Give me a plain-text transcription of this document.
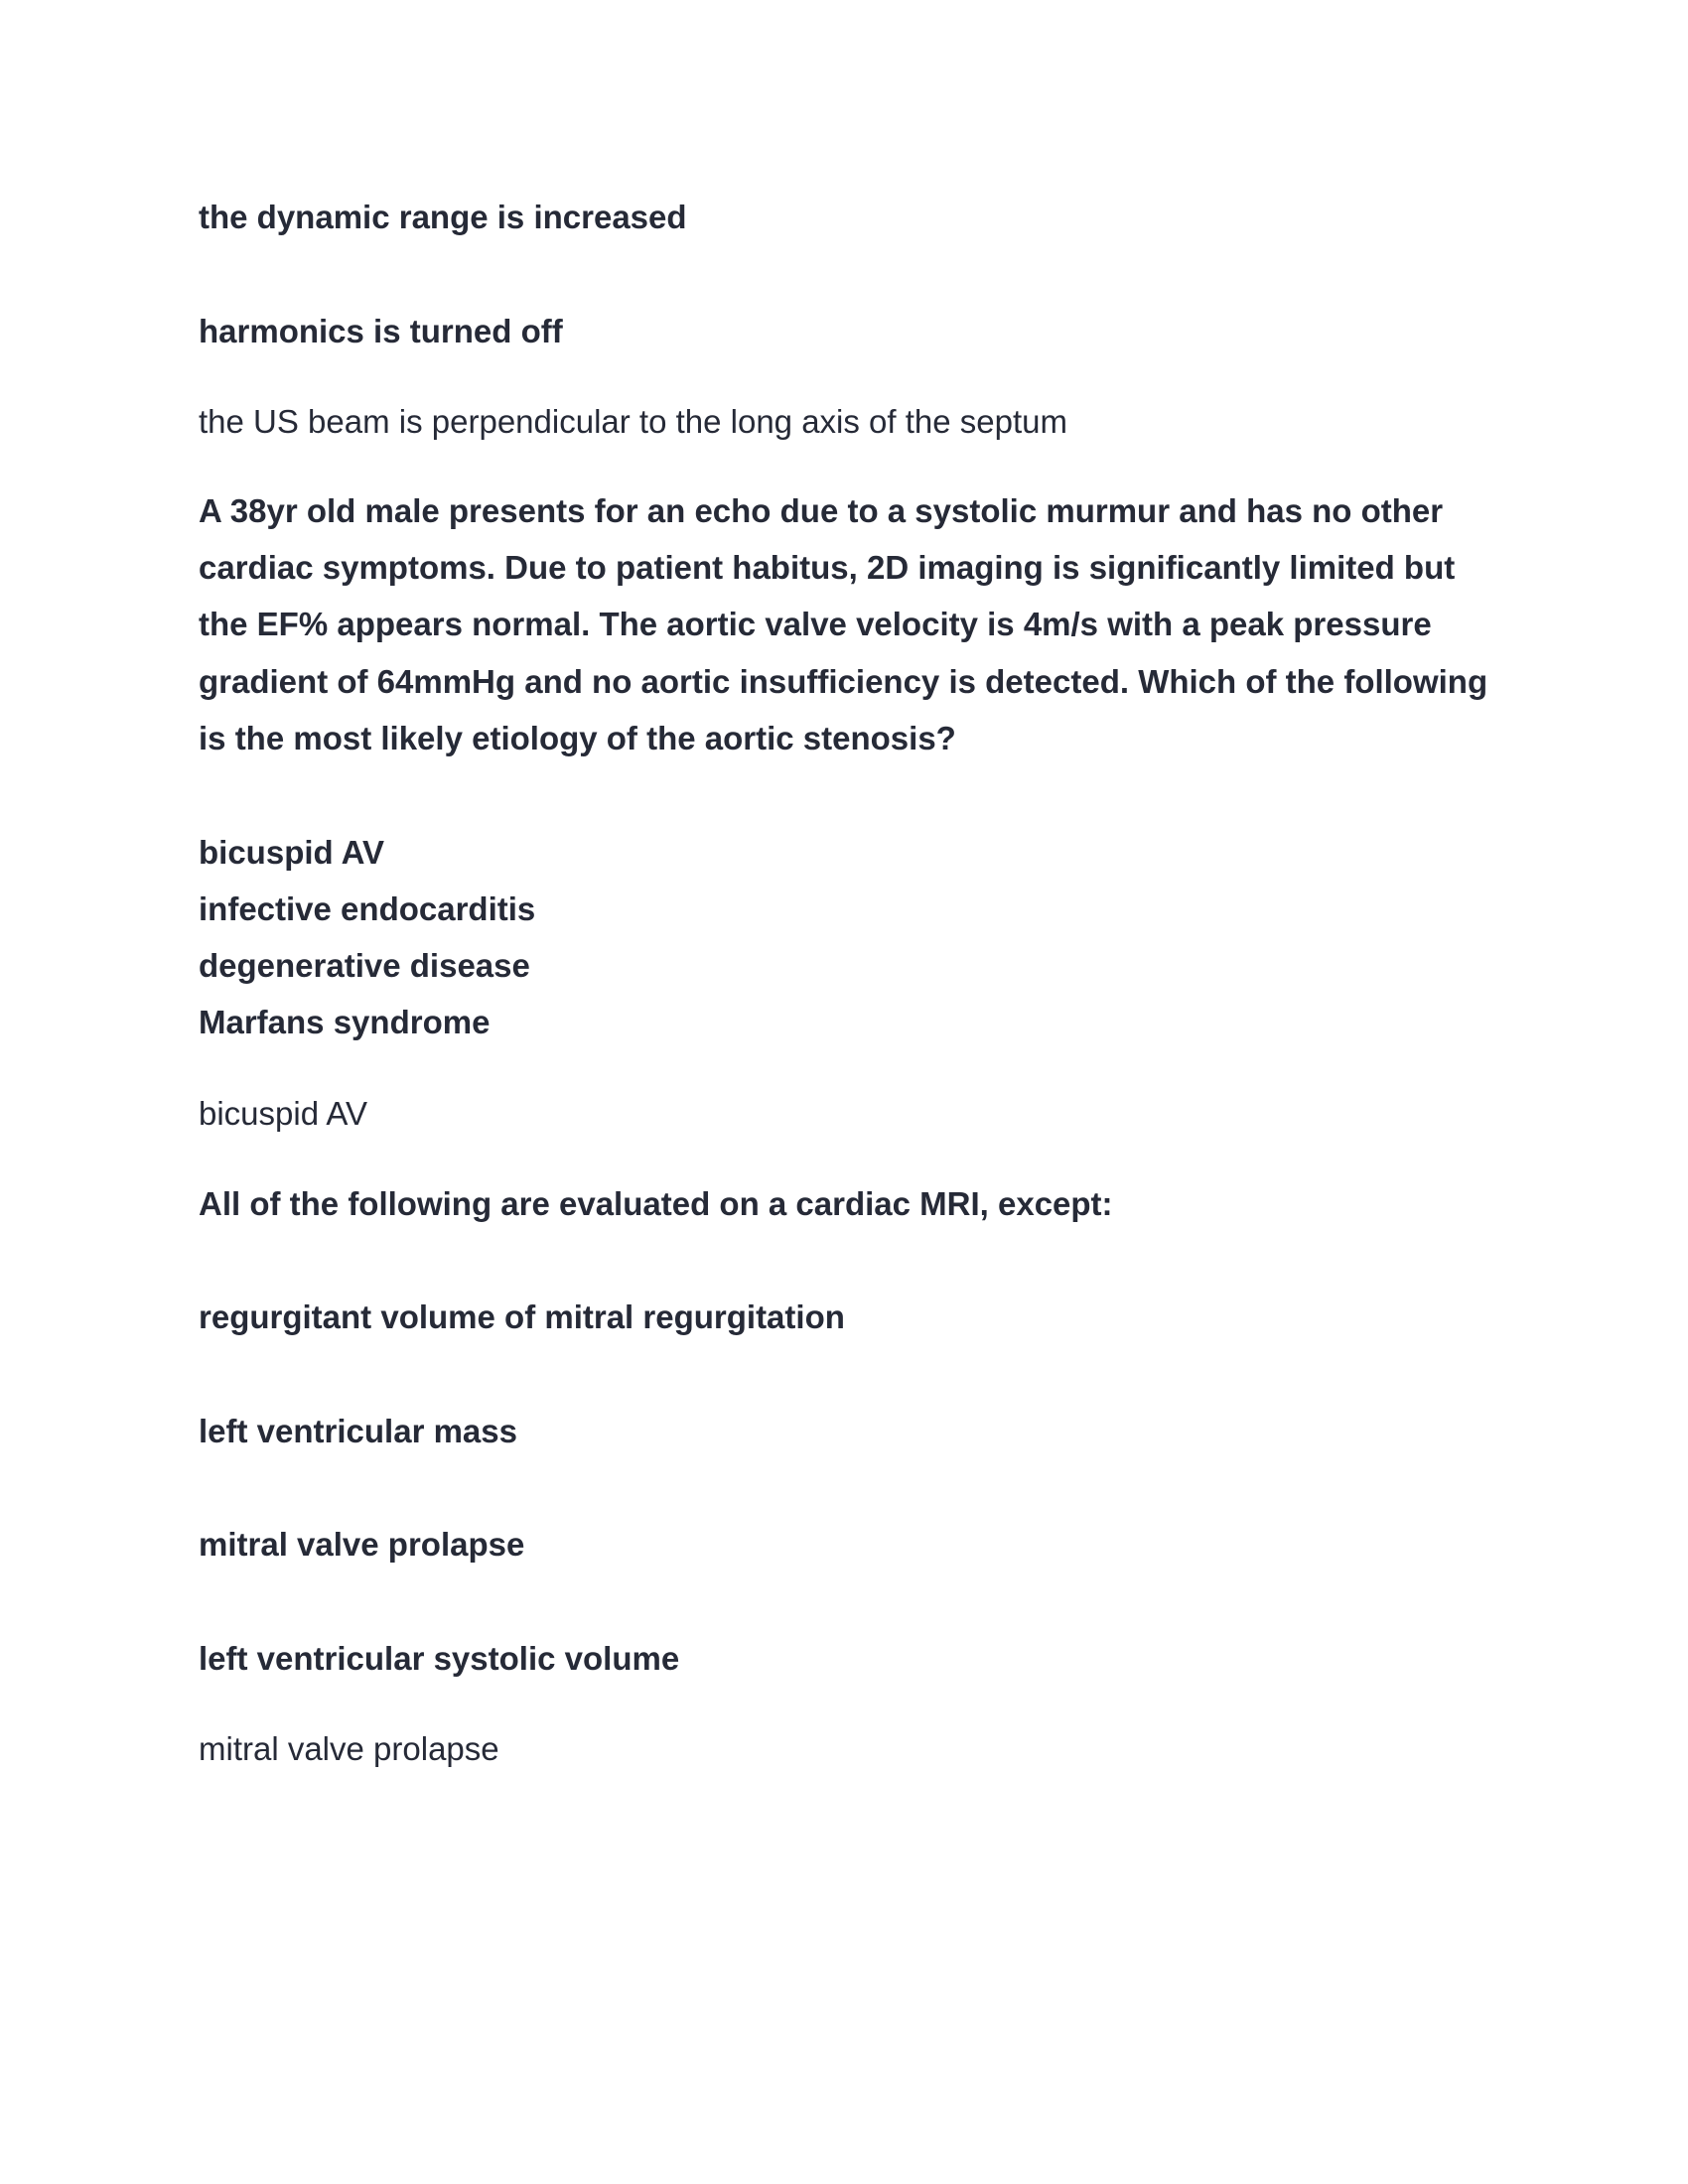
the dynamic range is increased

harmonics is turned off

the US beam is perpendicular to the long axis of the septum

A 38yr old male presents for an echo due to a systolic murmur and has no other cardiac symptoms. Due to patient habitus, 2D imaging is significantly limited but the EF% appears normal. The aortic valve velocity is 4m/s with a peak pressure gradient of 64mmHg and no aortic insufficiency is detected. Which of the following is the most likely etiology of the aortic stenosis?

bicuspid AV
infective endocarditis
degenerative disease
Marfans syndrome

bicuspid AV

All of the following are evaluated on a cardiac MRI, except:

regurgitant volume of mitral regurgitation

left ventricular mass

mitral valve prolapse

left ventricular systolic volume

mitral valve prolapse
